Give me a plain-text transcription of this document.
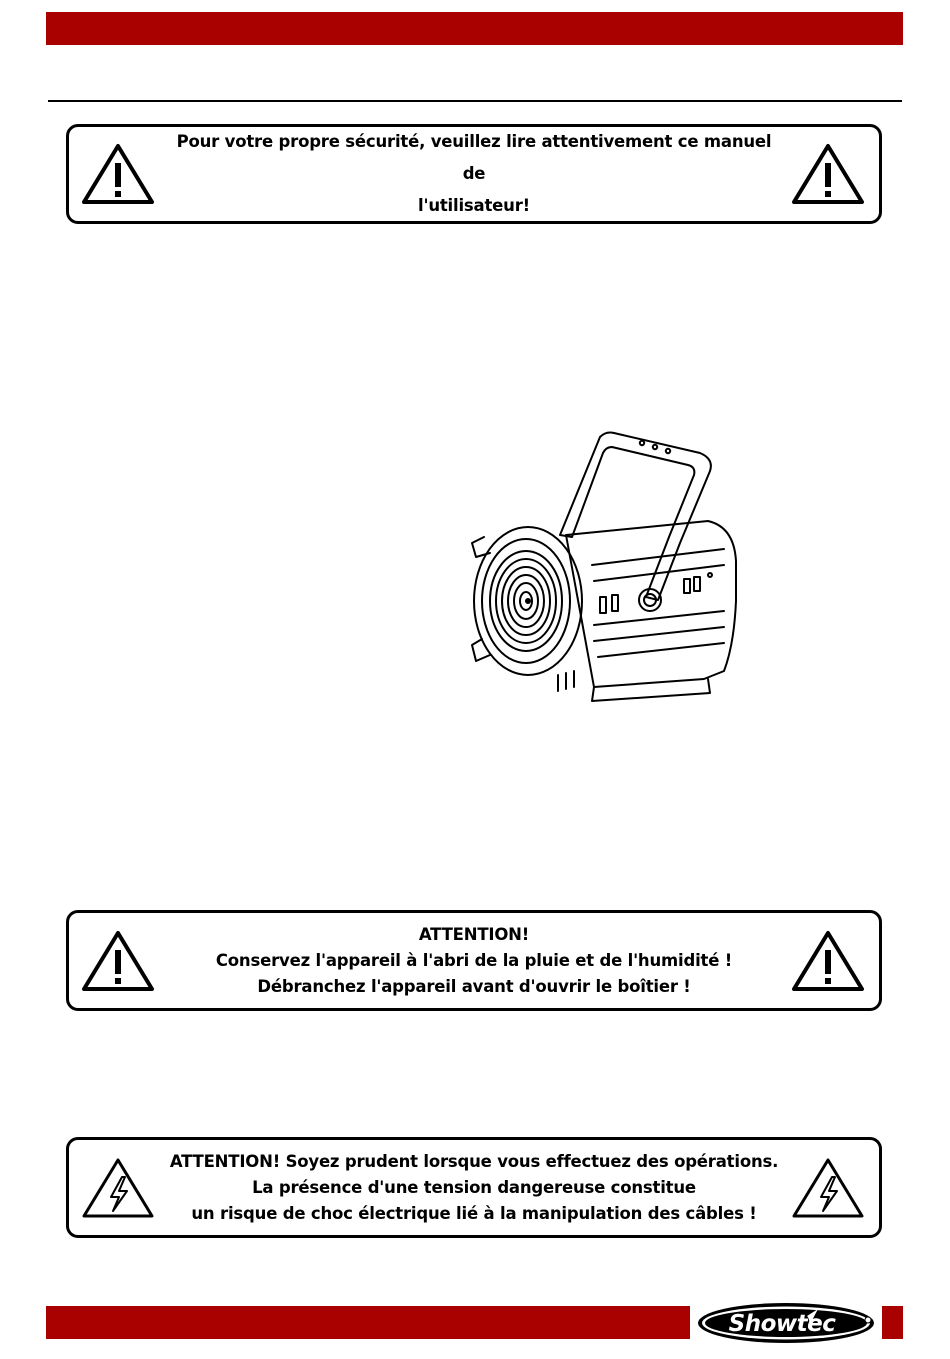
Pour votre propre sécurité, veuillez lire attentivement ce manuel de
l'utilisateur!
ATTENTION!
Conservez l'appareil à l'abri de la pluie et de l'humidité !
Débranchez l'appareil avant d'ouvrir le boîtier !
ATTENTION! Soyez prudent lorsque vous effectuez des opérations.
La présence d'une tension dangereuse constitue
un risque de choc électrique lié à la manipulation des câbles !
Showtec
